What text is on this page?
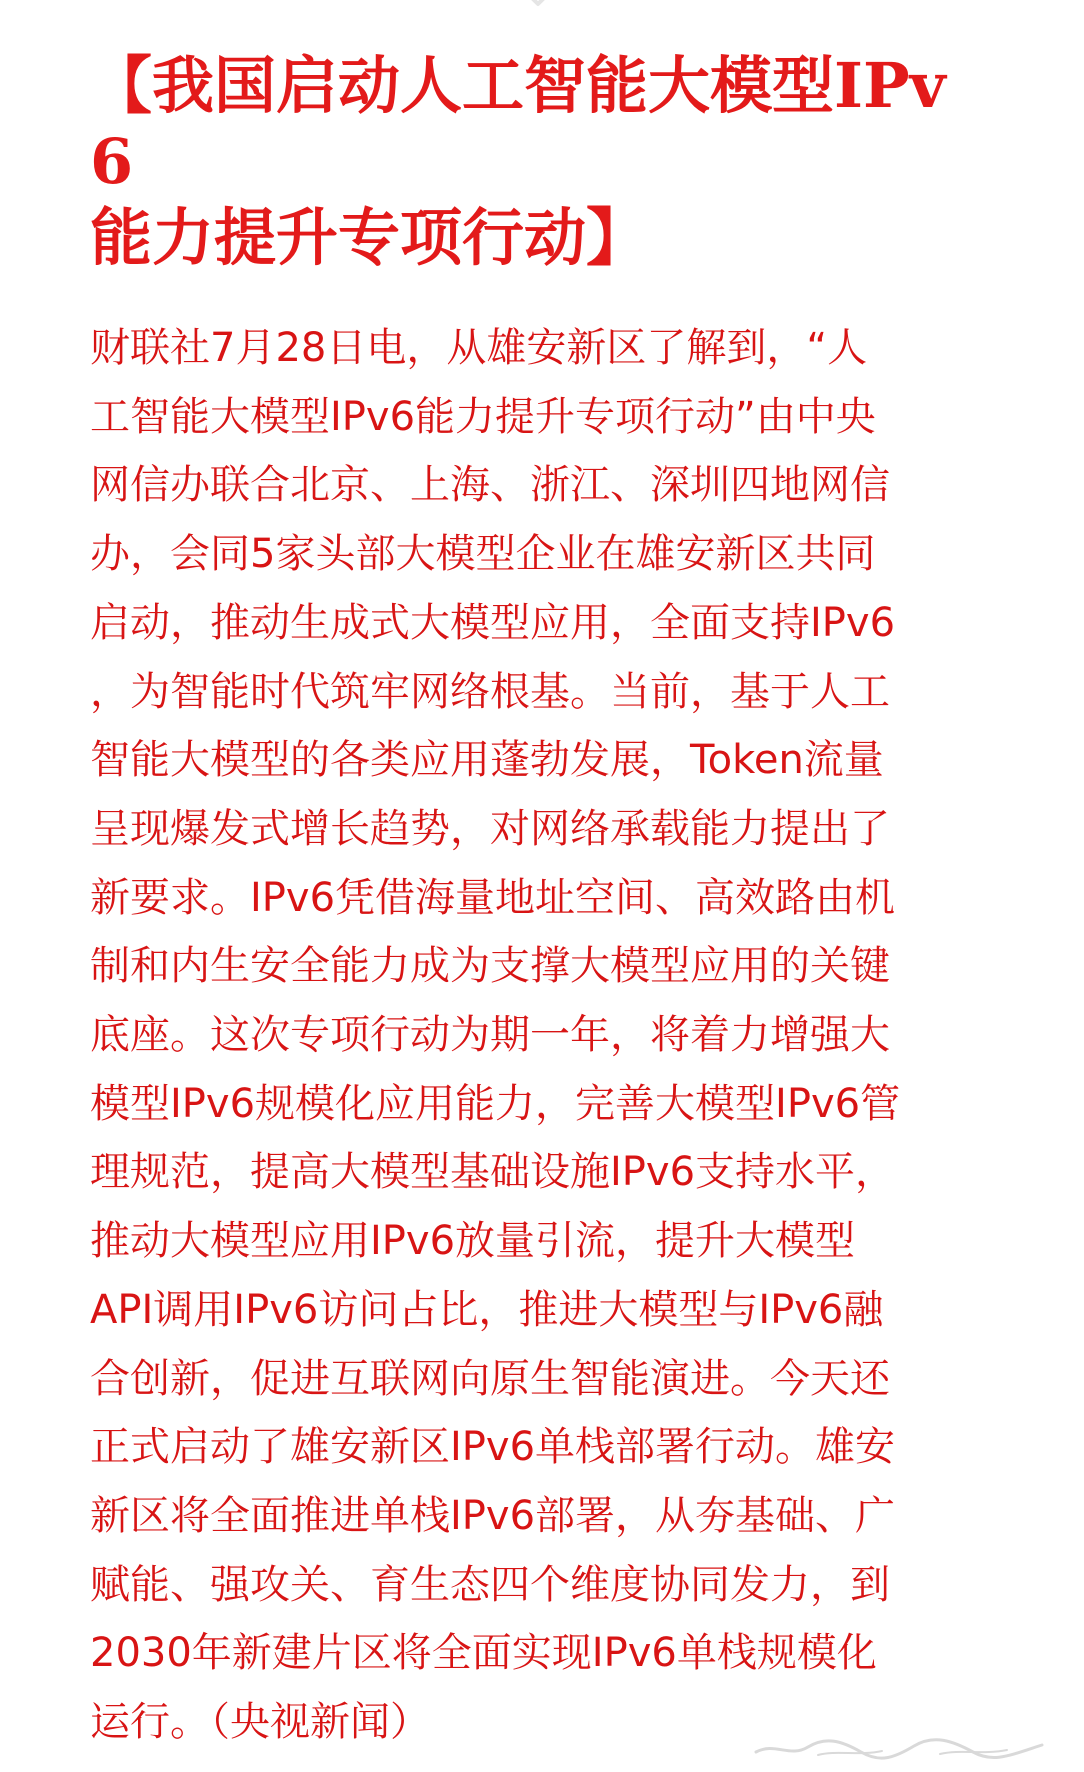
【我国启动人工智能大模型IPv6
能力提升专项行动】

财联社7月28日电，从雄安新区了解到，“人
工智能大模型IPv6能力提升专项行动”由中央
网信办联合北京、上海、浙江、深圳四地网信
办，会同5家头部大模型企业在雄安新区共同
启动，推动生成式大模型应用，全面支持IPv6
，为智能时代筑牢网络根基。当前，基于人工
智能大模型的各类应用蓬勃发展，Token流量
呈现爆发式增长趋势，对网络承载能力提出了
新要求。IPv6凭借海量地址空间、高效路由机
制和内生安全能力成为支撑大模型应用的关键
底座。这次专项行动为期一年，将着力增强大
模型IPv6规模化应用能力，完善大模型IPv6管
理规范，提高大模型基础设施IPv6支持水平，
推动大模型应用IPv6放量引流，提升大模型
API调用IPv6访问占比，推进大模型与IPv6融
合创新，促进互联网向原生智能演进。今天还
正式启动了雄安新区IPv6单栈部署行动。雄安
新区将全面推进单栈IPv6部署，从夯基础、广
赋能、强攻关、育生态四个维度协同发力，到
2030年新建片区将全面实现IPv6单栈规模化
运行。（央视新闻）
